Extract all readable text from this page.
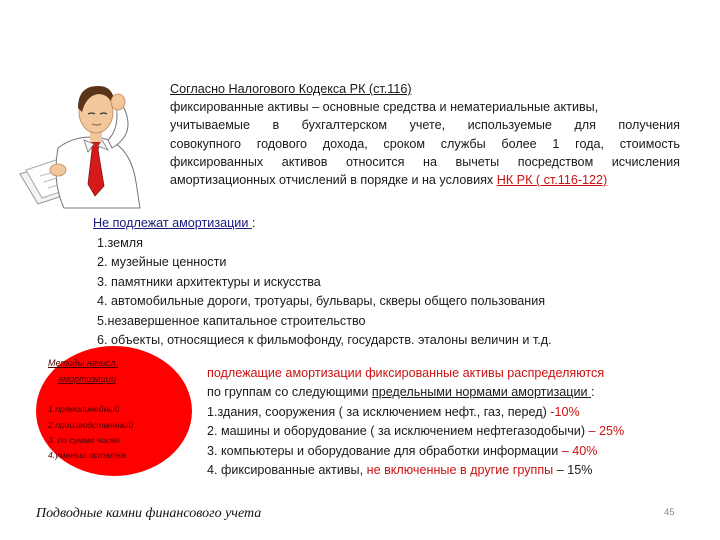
Согласно Налогового Кодекса РК (ст.116)
фиксированные активы – основные средства и нематериальные активы,
учитываемые в бухгалтерском учете, используемые для получения
совокупного годового дохода, сроком службы более 1 года, стоимость
фиксированных активов относится на вычеты посредством исчисления
амортизационных отчислений в порядке и на условиях НК РК ( ст.116-122)
Не подлежат амортизации :
1.земля
2. музейные ценности
3. памятники архитектуры и искусства
4. автомобильные дороги, тротуары, бульвары, скверы общего пользования
5.незавершенное капитальное строительство
6. объекты, относящиеся к фильмофонду, государств. эталоны величин и т.д.
Методы начисл.
амортизации
1.прямолинейный
2.производственный
3. по сумме чисел
4.уменьш.остатка
подлежащие амортизации фиксированные активы распределяются
по группам со следующими предельными нормами амортизации :
1.здания, сооружения ( за исключением нефт., газ, перед) -10%
2. машины и оборудование ( за исключением нефтегазодобычи) – 25%
3. компьютеры и оборудование для обработки информации – 40%
4. фиксированные активы, не включенные в другие группы – 15%
Подводные камни финансового учета	45
